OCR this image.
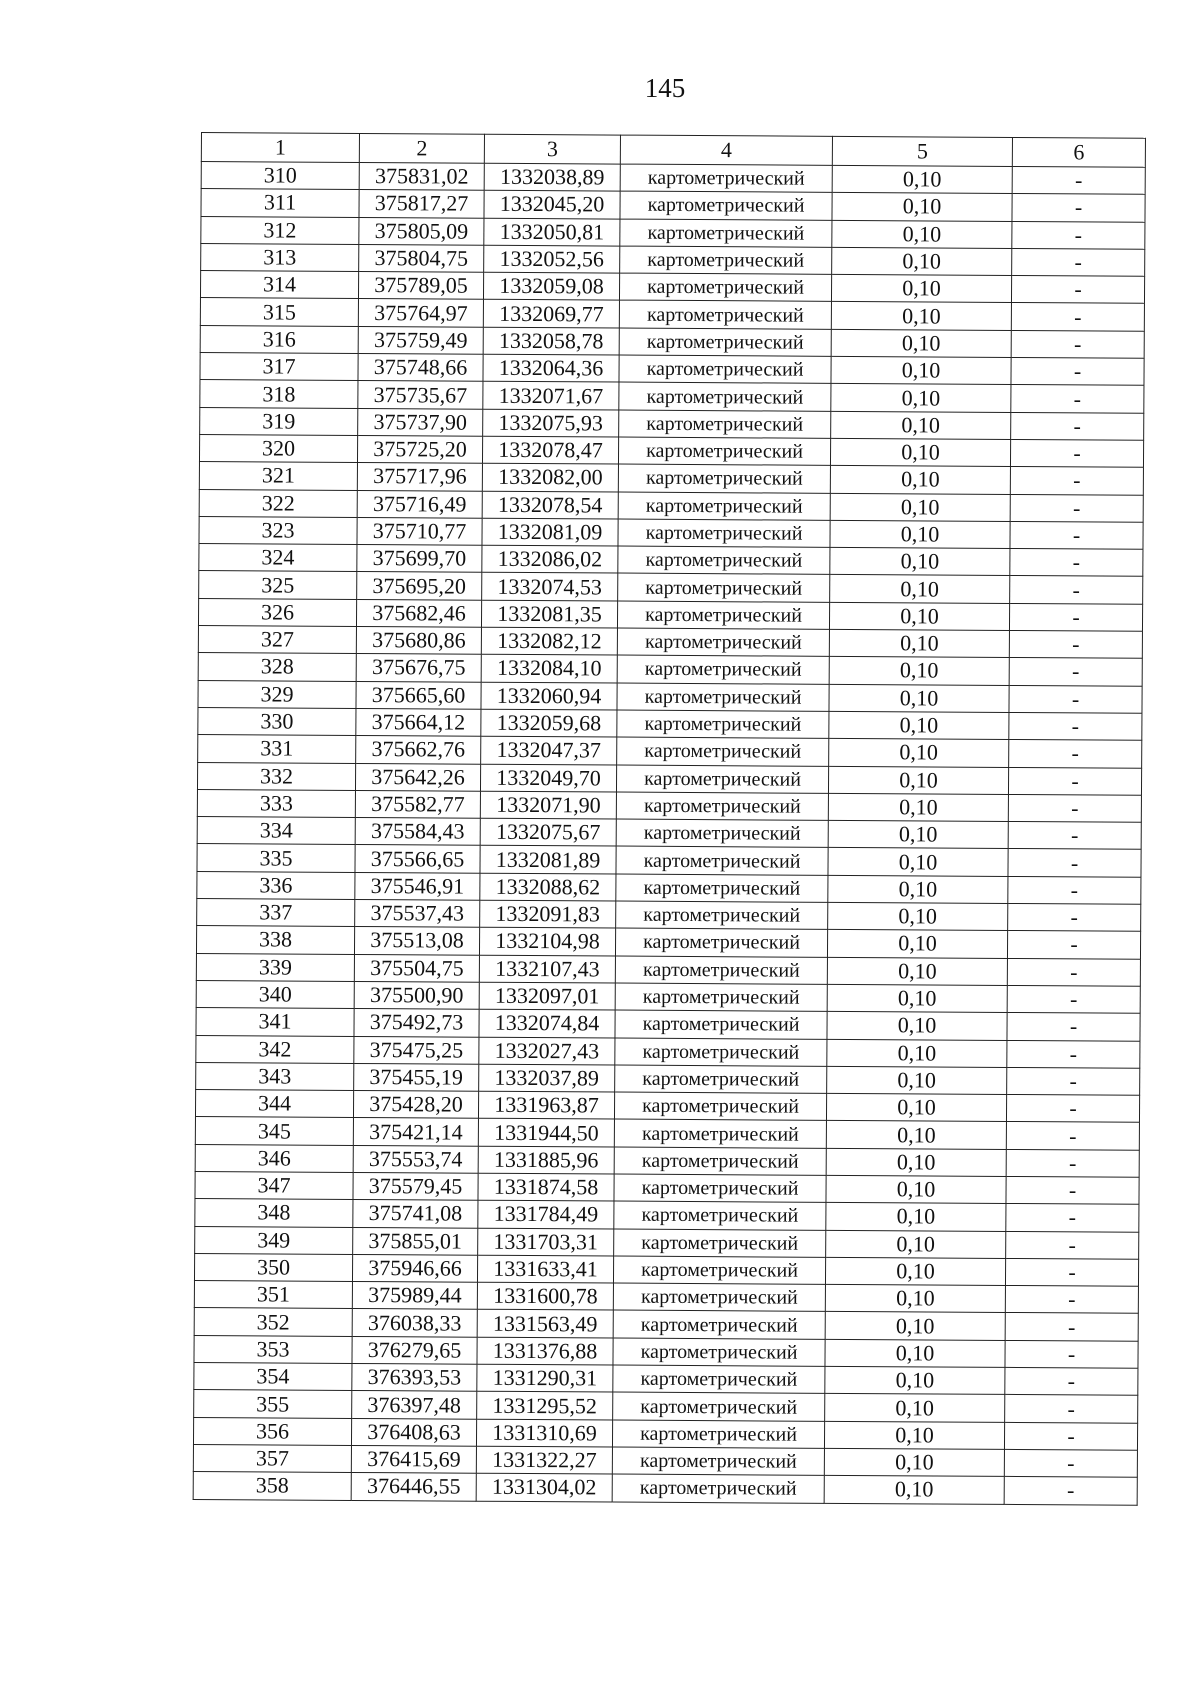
145
1	2	3	4	5	6
310	375831,02	1332038,89	картометрический	0,10	-
311	375817,27	1332045,20	картометрический	0,10	-
312	375805,09	1332050,81	картометрический	0,10	-
313	375804,75	1332052,56	картометрический	0,10	-
314	375789,05	1332059,08	картометрический	0,10	-
315	375764,97	1332069,77	картометрический	0,10	-
316	375759,49	1332058,78	картометрический	0,10	-
317	375748,66	1332064,36	картометрический	0,10	-
318	375735,67	1332071,67	картометрический	0,10	-
319	375737,90	1332075,93	картометрический	0,10	-
320	375725,20	1332078,47	картометрический	0,10	-
321	375717,96	1332082,00	картометрический	0,10	-
322	375716,49	1332078,54	картометрический	0,10	-
323	375710,77	1332081,09	картометрический	0,10	-
324	375699,70	1332086,02	картометрический	0,10	-
325	375695,20	1332074,53	картометрический	0,10	-
326	375682,46	1332081,35	картометрический	0,10	-
327	375680,86	1332082,12	картометрический	0,10	-
328	375676,75	1332084,10	картометрический	0,10	-
329	375665,60	1332060,94	картометрический	0,10	-
330	375664,12	1332059,68	картометрический	0,10	-
331	375662,76	1332047,37	картометрический	0,10	-
332	375642,26	1332049,70	картометрический	0,10	-
333	375582,77	1332071,90	картометрический	0,10	-
334	375584,43	1332075,67	картометрический	0,10	-
335	375566,65	1332081,89	картометрический	0,10	-
336	375546,91	1332088,62	картометрический	0,10	-
337	375537,43	1332091,83	картометрический	0,10	-
338	375513,08	1332104,98	картометрический	0,10	-
339	375504,75	1332107,43	картометрический	0,10	-
340	375500,90	1332097,01	картометрический	0,10	-
341	375492,73	1332074,84	картометрический	0,10	-
342	375475,25	1332027,43	картометрический	0,10	-
343	375455,19	1332037,89	картометрический	0,10	-
344	375428,20	1331963,87	картометрический	0,10	-
345	375421,14	1331944,50	картометрический	0,10	-
346	375553,74	1331885,96	картометрический	0,10	-
347	375579,45	1331874,58	картометрический	0,10	-
348	375741,08	1331784,49	картометрический	0,10	-
349	375855,01	1331703,31	картометрический	0,10	-
350	375946,66	1331633,41	картометрический	0,10	-
351	375989,44	1331600,78	картометрический	0,10	-
352	376038,33	1331563,49	картометрический	0,10	-
353	376279,65	1331376,88	картометрический	0,10	-
354	376393,53	1331290,31	картометрический	0,10	-
355	376397,48	1331295,52	картометрический	0,10	-
356	376408,63	1331310,69	картометрический	0,10	-
357	376415,69	1331322,27	картометрический	0,10	-
358	376446,55	1331304,02	картометрический	0,10	-
